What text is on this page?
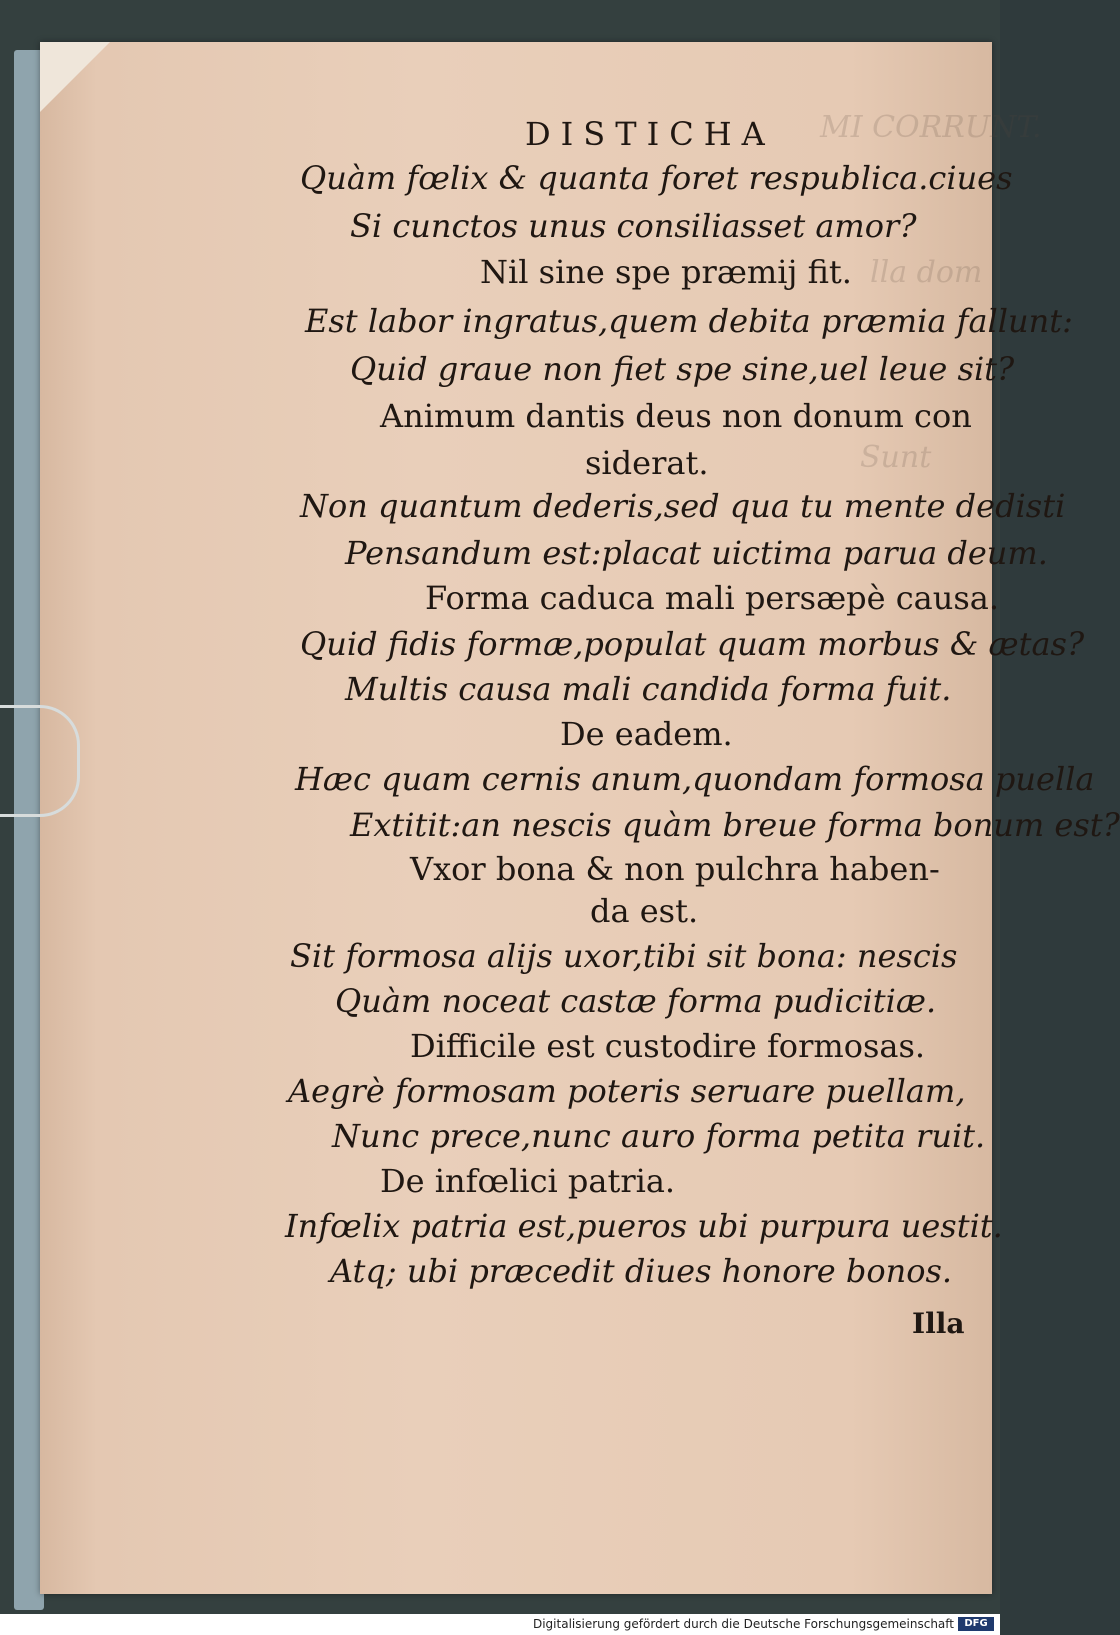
MI CORRUNT.
lla dom
Sunt
DISTICHA
Quàm fœlix & quanta foret respublica.ciues
Si cunctos unus consiliasset amor?
Nil sine spe præmij fit.
Est labor ingratus,quem debita præmia fallunt:
Quid graue non fiet spe sine,uel leue sit?
Animum dantis deus non donum con
siderat.
Non quantum dederis,sed qua tu mente dedisti
Pensandum est:placat uictima parua deum.
Forma caduca mali persæpè causa.
Quid fidis formæ,populat quam morbus & ætas?
Multis causa mali candida forma fuit.
De eadem.
Hæc quam cernis anum,quondam formosa puella
Extitit:an nescis quàm breue forma bonum est?
Vxor bona & non pulchra haben-
da est.
Sit formosa alijs uxor,tibi sit bona: nescis
Quàm noceat castæ forma pudicitiæ.
Difficile est custodire formosas.
Aegrè formosam poteris seruare puellam,
Nunc prece,nunc auro forma petita ruit.
De infœlici patria.
Infœlix patria est,pueros ubi purpura uestit.
Atq; ubi præcedit diues honore bonos.
Illa
Digitalisierung gefördert durch die Deutsche Forschungsgemeinschaft	DFG
